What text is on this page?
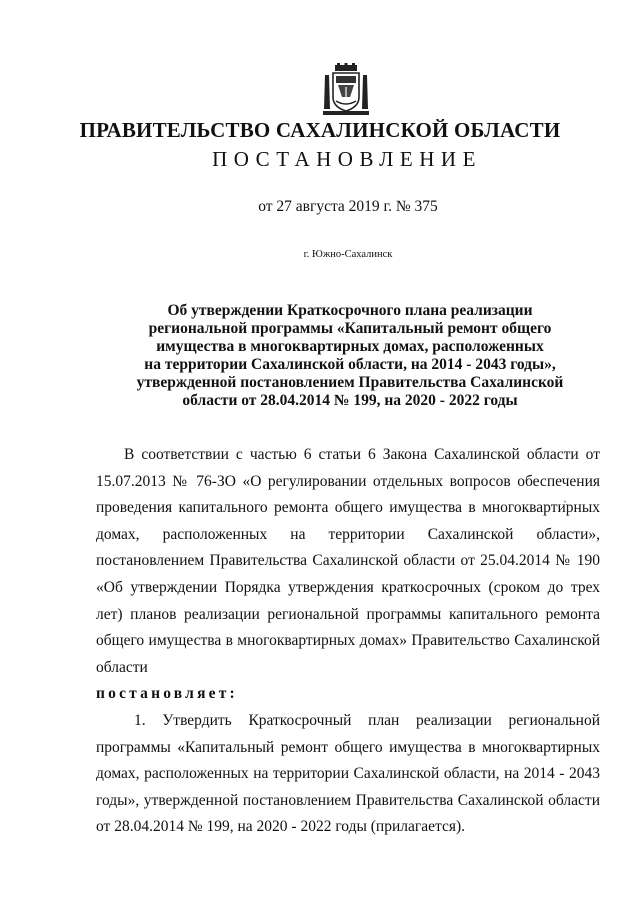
ПРАВИТЕЛЬСТВО САХАЛИНСКОЙ ОБЛАСТИ
ПОСТАНОВЛЕНИЕ
от 27 августа 2019 г. № 375
г. Южно-Сахалинск
Об утверждении Краткосрочного плана реализации
региональной программы «Капитальный ремонт общего
имущества в многоквартирных домах, расположенных
на территории Сахалинской области, на 2014 - 2043 годы»,
утвержденной постановлением Правительства Сахалинской
области от 28.04.2014 № 199, на 2020 - 2022 годы
ˎ

В соответствии с частью 6 статьи 6 Закона Сахалинской области от 15.07.2013 № 76-ЗО «О регулировании отдельных вопросов обеспечения проведения капитального ремонта общего имущества в многоквартирных домах, расположенных на территории Сахалинской области», постановлением Правительства Сахалинской области от 25.04.2014 № 190 «Об утверждении Порядка утверждения краткосрочных (сроком до трех лет) планов реализации региональной программы капитального ремонта общего имущества в многоквартирных домах» Правительство Сахалинской области

постановляет:

1. Утвердить Краткосрочный план реализации региональной программы «Капитальный ремонт общего имущества в многоквартирных домах, расположенных на территории Сахалинской области, на 2014 - 2043 годы», утвержденной постановлением Правительства Сахалинской области от 28.04.2014 № 199, на 2020 - 2022 годы (прилагается).
